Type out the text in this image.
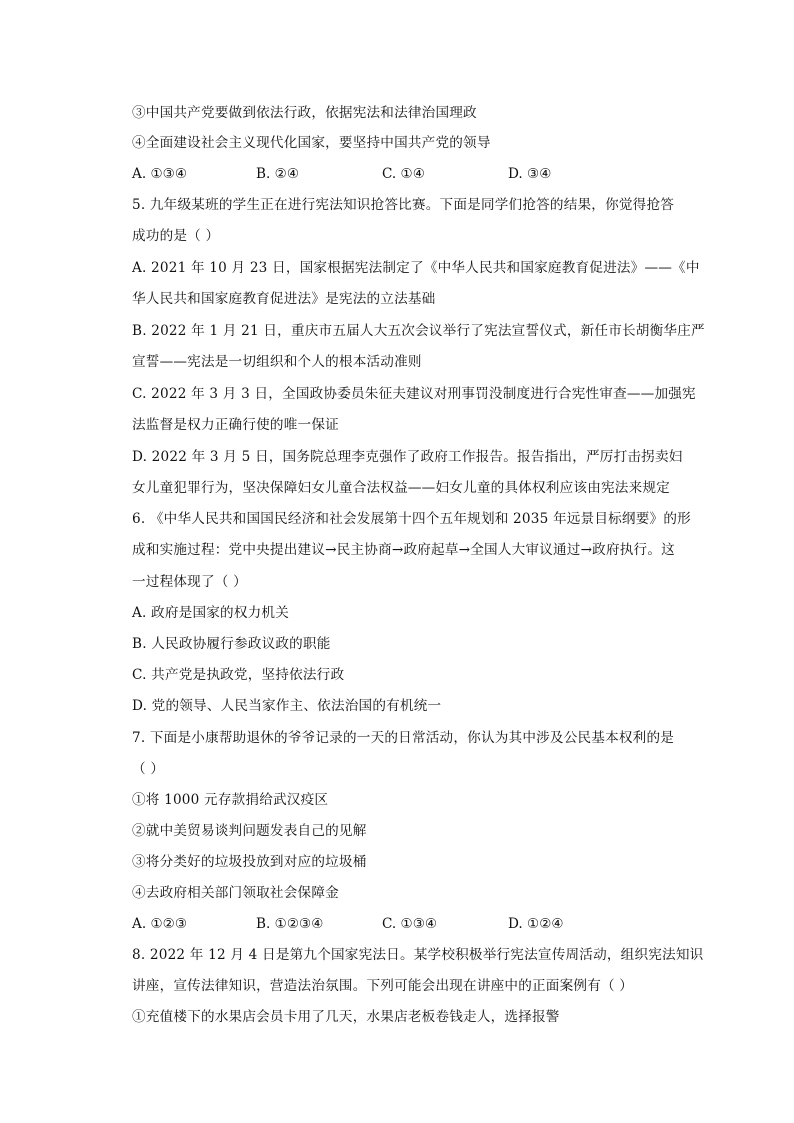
③中国共产党要做到依法行政，依据宪法和法律治国理政
④全面建设社会主义现代化国家，要坚持中国共产党的领导
A. ①③④	B. ②④	C. ①④	D. ③④
5. 九年级某班的学生正在进行宪法知识抢答比赛。下面是同学们抢答的结果，你觉得抢答
成功的是（ ）
A. 2021 年 10 月 23 日，国家根据宪法制定了《中华人民共和国家庭教育促进法》——《中
华人民共和国家庭教育促进法》是宪法的立法基础
B. 2022 年 1 月 21 日，重庆市五届人大五次会议举行了宪法宣誓仪式，新任市长胡衡华庄严
宣誓——宪法是一切组织和个人的根本活动准则
C. 2022 年 3 月 3 日，全国政协委员朱征夫建议对刑事罚没制度进行合宪性审查——加强宪
法监督是权力正确行使的唯一保证
D. 2022 年 3 月 5 日，国务院总理李克强作了政府工作报告。报告指出，严厉打击拐卖妇
女儿童犯罪行为，坚决保障妇女儿童合法权益——妇女儿童的具体权利应该由宪法来规定
6. 《中华人民共和国国民经济和社会发展第十四个五年规划和 2035 年远景目标纲要》的形
成和实施过程：党中央提出建议→民主协商→政府起草→全国人大审议通过→政府执行。这
一过程体现了（ ）
A. 政府是国家的权力机关
B. 人民政协履行参政议政的职能
C. 共产党是执政党，坚持依法行政
D. 党的领导、人民当家作主、依法治国的有机统一
7. 下面是小康帮助退休的爷爷记录的一天的日常活动，你认为其中涉及公民基本权利的是
（ ）
①将 1000 元存款捐给武汉疫区
②就中美贸易谈判问题发表自己的见解
③将分类好的垃圾投放到对应的垃圾桶
④去政府相关部门领取社会保障金
A. ①②③	B. ①②③④	C. ①③④	D. ①②④
8. 2022 年 12 月 4 日是第九个国家宪法日。某学校积极举行宪法宣传周活动，组织宪法知识
讲座，宣传法律知识，营造法治氛围。下列可能会出现在讲座中的正面案例有（ ）
①充值楼下的水果店会员卡用了几天，水果店老板卷钱走人，选择报警
